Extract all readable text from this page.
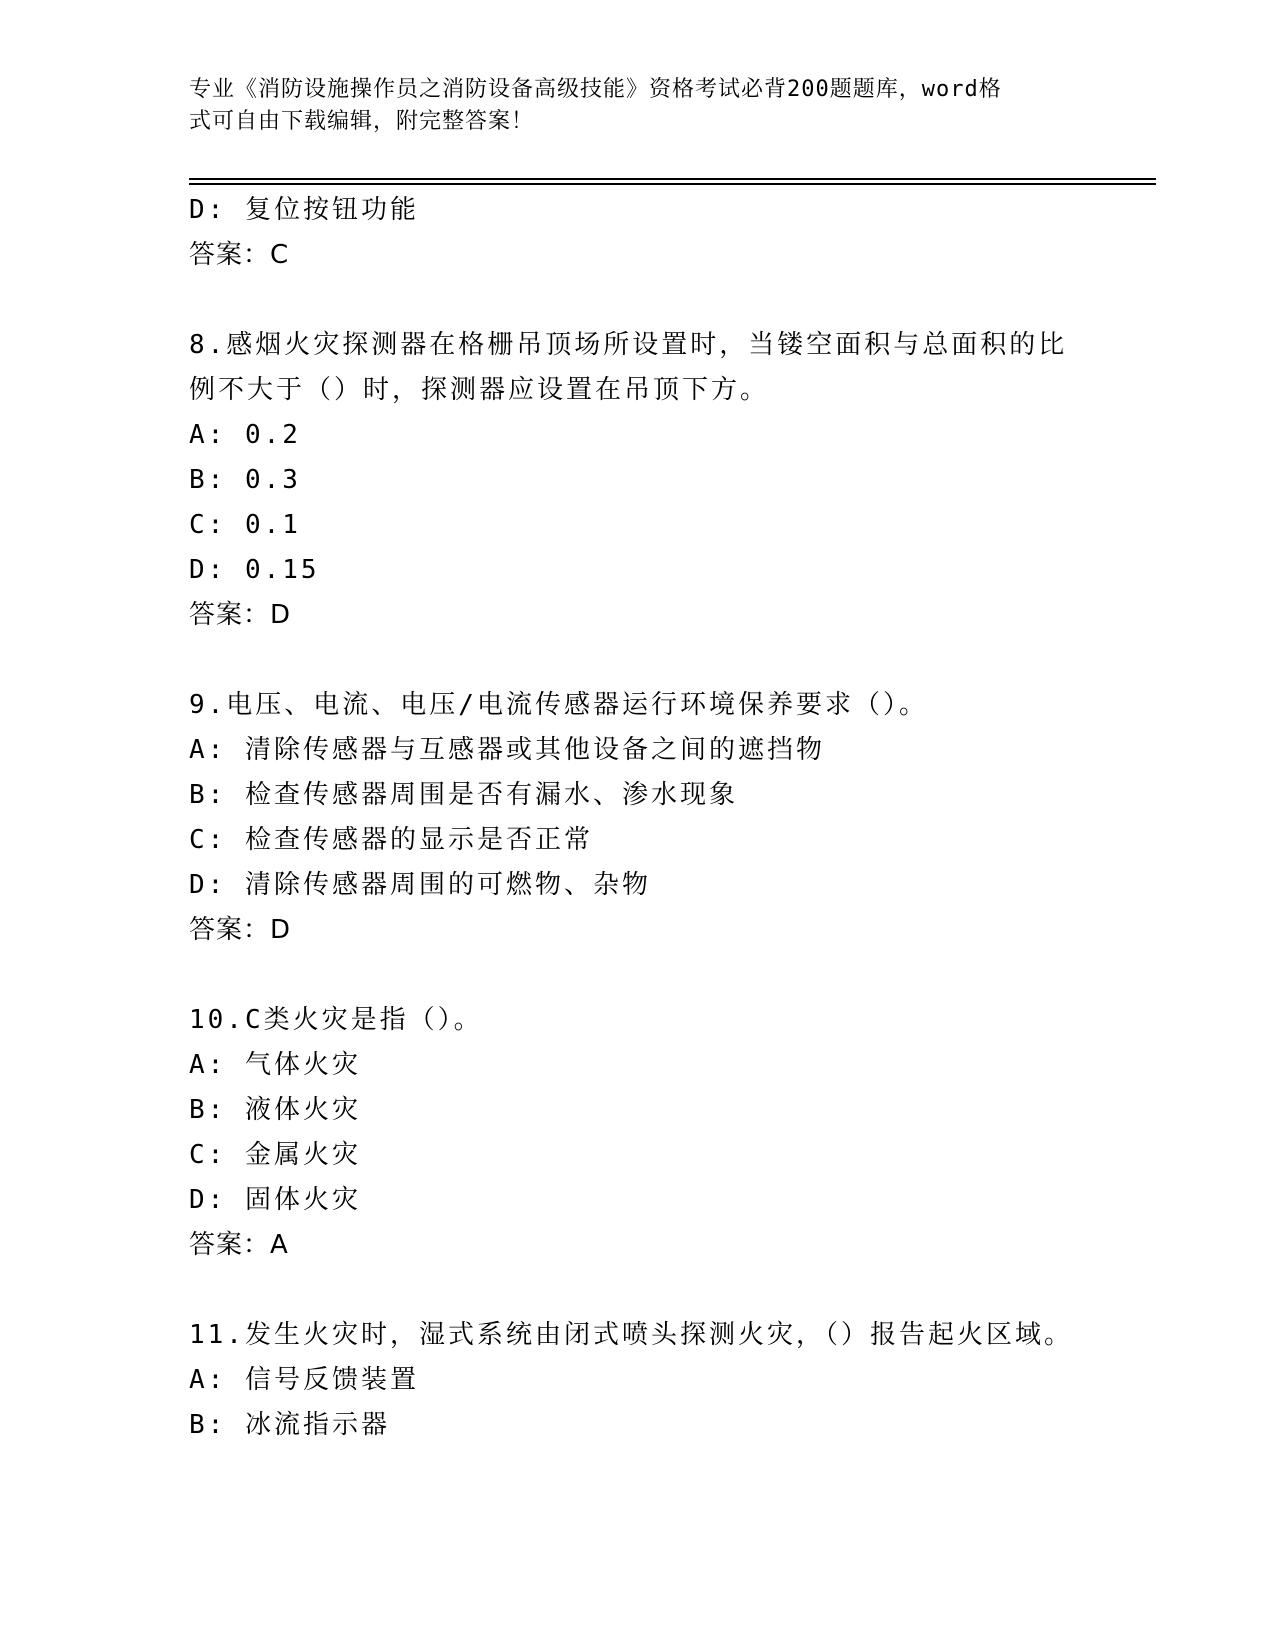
专业《消防设施操作员之消防设备高级技能》资格考试必背200题题库，word格
式可自由下载编辑，附完整答案！
D: 复位按钮功能
答案：C
8.感烟火灾探测器在格栅吊顶场所设置时，当镂空面积与总面积的比
例不大于（）时，探测器应设置在吊顶下方。
A: 0.2
B: 0.3
C: 0.1
D: 0.15
答案：D
9.电压、电流、电压/电流传感器运行环境保养要求（）。
A: 清除传感器与互感器或其他设备之间的遮挡物
B: 检查传感器周围是否有漏水、渗水现象
C: 检查传感器的显示是否正常
D: 清除传感器周围的可燃物、杂物
答案：D
10.C类火灾是指（）。
A: 气体火灾
B: 液体火灾
C: 金属火灾
D: 固体火灾
答案：A
11.发生火灾时，湿式系统由闭式喷头探测火灾，（）报告起火区域。
A: 信号反馈装置
B: 冰流指示器
